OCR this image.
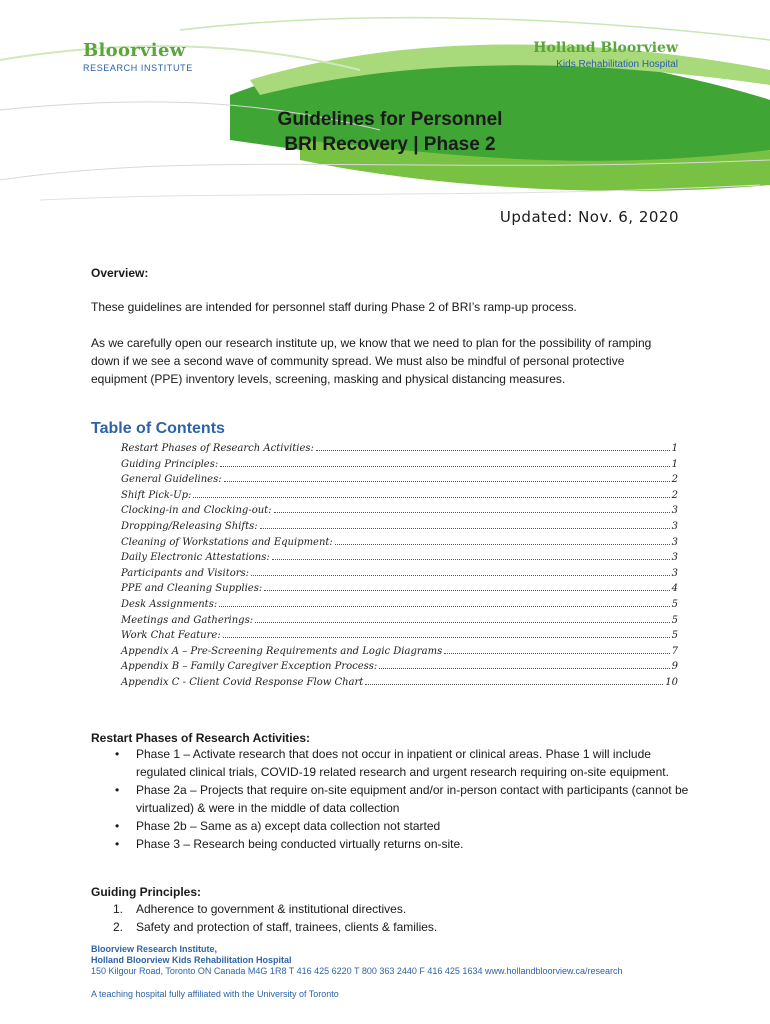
Bloorview
RESEARCH INSTITUTE
Holland Bloorview
Kids Rehabilitation Hospital
Guidelines for Personnel
BRI Recovery | Phase 2
Updated: Nov. 6, 2020
Overview:

These guidelines are intended for personnel staff during Phase 2 of BRI’s ramp-up process.

As we carefully open our research institute up, we know that we need to plan for the possibility of ramping down if we see a second wave of community spread. We must also be mindful of personal protective equipment (PPE) inventory levels, screening, masking and physical distancing measures.

Table of Contents
Restart Phases of Research Activities:	1
Guiding Principles:	1
General Guidelines:	2
Shift Pick-Up:	2
Clocking-in and Clocking-out:	3
Dropping/Releasing Shifts:	3
Cleaning of Workstations and Equipment:	3
Daily Electronic Attestations:	3
Participants and Visitors:	3
PPE and Cleaning Supplies:	4
Desk Assignments:	5
Meetings and Gatherings:	5
Work Chat Feature:	5
Appendix A – Pre-Screening Requirements and Logic Diagrams	7
Appendix B – Family Caregiver Exception Process:	9
Appendix C - Client Covid Response Flow Chart	10
Restart Phases of Research Activities:
• Phase 1 – Activate research that does not occur in inpatient or clinical areas. Phase 1 will include regulated clinical trials, COVID-19 related research and urgent research requiring on-site equipment.
• Phase 2a – Projects that require on-site equipment and/or in-person contact with participants (cannot be virtualized) & were in the middle of data collection
• Phase 2b – Same as a) except data collection not started
• Phase 3 – Research being conducted virtually returns on-site.
Guiding Principles:
1. Adherence to government & institutional directives.
2. Safety and protection of staff, trainees, clients & families.
Bloorview Research Institute,
Holland Bloorview Kids Rehabilitation Hospital
150 Kilgour Road, Toronto ON Canada M4G 1R8 T 416 425 6220 T 800 363 2440 F 416 425 1634 www.hollandbloorview.ca/research
A teaching hospital fully affiliated with the University of Toronto
